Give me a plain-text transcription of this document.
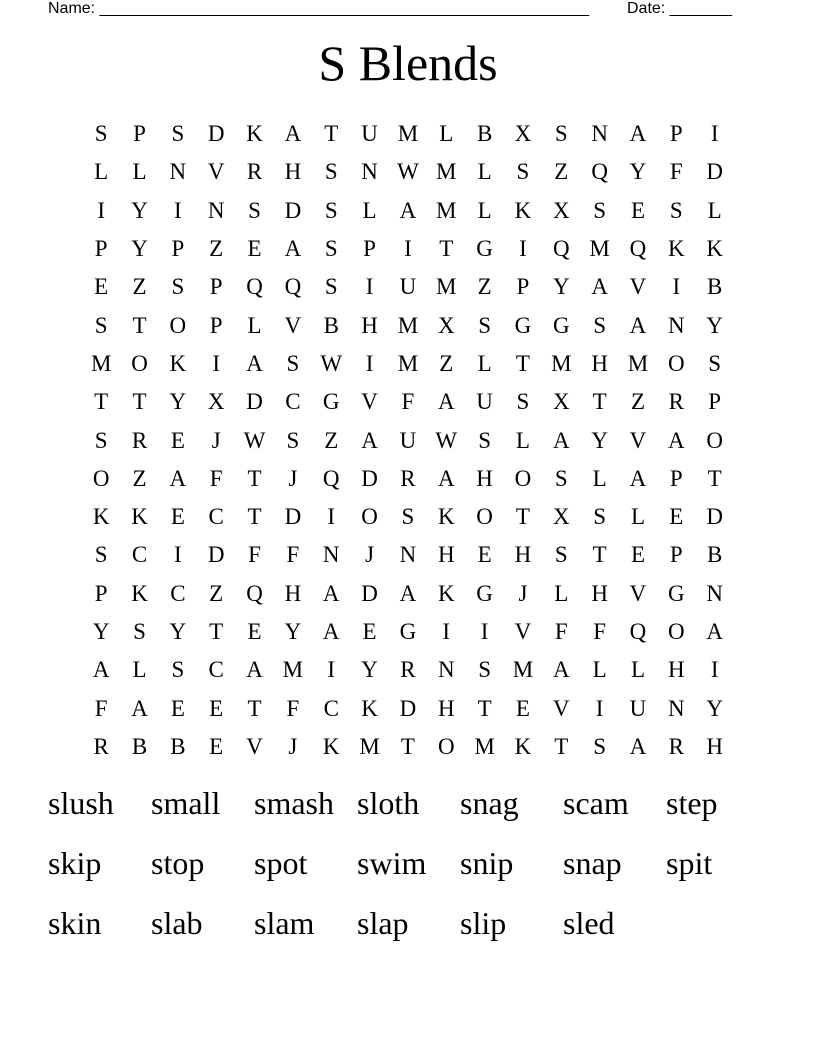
Name: _______________________________________________________ Date: _______
S Blends
S	P	S	D K A	T	U M L	B X	S	N A	P	I
L	L	N V R H	S	N W M L	S	Z	Q Y	F	D
I	Y	I	N	S	D	S	L	A M L	K X	S	E	S	L
P	Y	P	Z	E	A	S	P	I	T	G	I	Q M Q K K
E	Z	S	P	Q Q	S	I	U M Z	P	Y A V	I	B
S	T	O	P	L	V B H M X	S	G G	S	A N Y
M O K	I	A	S W	I	M Z	L	T M H M O	S
T	T	Y X D C G V	F	A U	S	X	T	Z	R	P
S	R	E	J	W S	Z	A U W S	L	A Y V A O
O	Z	A	F	T	J	Q D R A H O	S	L	A	P	T
K K	E	C	T	D	I	O	S	K O	T	X	S	L	E	D
S	C	I	D	F	F	N	J	N H	E	H	S	T	E	P	B
P	K C	Z	Q H A D A K G	J	L	H V G N
Y	S	Y	T	E	Y A	E	G	I	I	V	F	F	Q O A
A	L	S	C A M	I	Y R N	S M A	L	L	H	I
F	A	E	E	T	F	C K D H	T	E	V	I	U N Y
R	B	B	E	V	J	K M T	O M K	T	S	A R H
slush	small	smash sloth	snag	scam	step
skip	stop	spot	swim	snip	snap	spit
skin	slab	slam	slap	slip	sled
